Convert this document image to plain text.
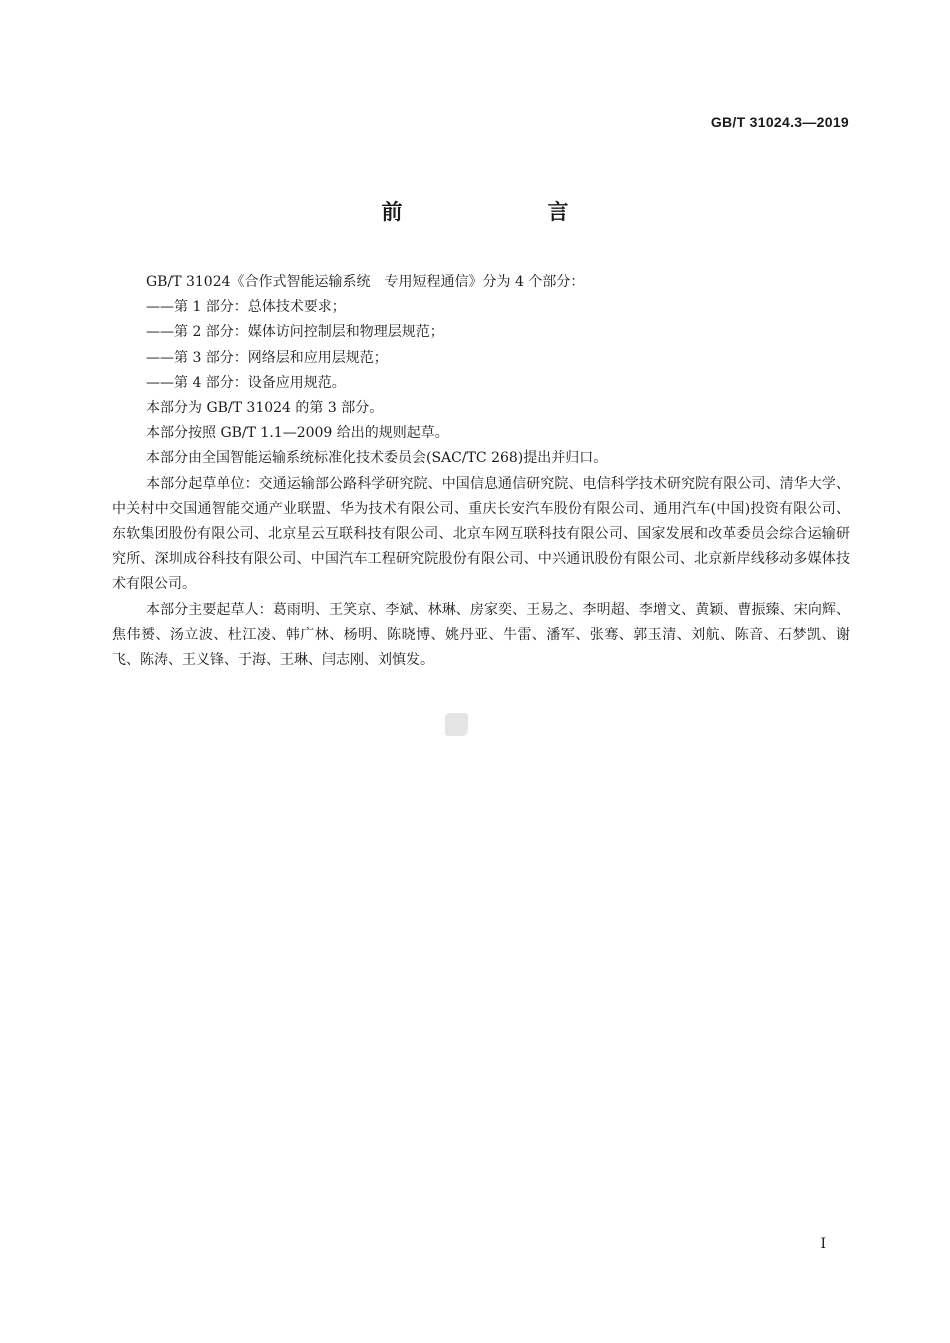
GB/T 31024.3—2019
前　言

GB/T 31024《合作式智能运输系统　专用短程通信》分为 4 个部分：

——第 1 部分：总体技术要求；

——第 2 部分：媒体访问控制层和物理层规范；

——第 3 部分：网络层和应用层规范；

——第 4 部分：设备应用规范。

本部分为 GB/T 31024 的第 3 部分。

本部分按照 GB/T 1.1—2009 给出的规则起草。

本部分由全国智能运输系统标准化技术委员会(SAC/TC 268)提出并归口。

本部分起草单位：交通运输部公路科学研究院、中国信息通信研究院、电信科学技术研究院有限公司、清华大学、中关村中交国通智能交通产业联盟、华为技术有限公司、重庆长安汽车股份有限公司、通用汽车(中国)投资有限公司、东软集团股份有限公司、北京星云互联科技有限公司、北京车网互联科技有限公司、国家发展和改革委员会综合运输研究所、深圳成谷科技有限公司、中国汽车工程研究院股份有限公司、中兴通讯股份有限公司、北京新岸线移动多媒体技术有限公司。

本部分主要起草人：葛雨明、王笑京、李斌、林琳、房家奕、王易之、李明超、李增文、黄颖、曹振臻、宋向辉、焦伟赟、汤立波、杜江凌、韩广林、杨明、陈晓博、姚丹亚、牛雷、潘军、张骞、郭玉清、刘航、陈音、石梦凯、谢飞、陈涛、王义锋、于海、王琳、闫志刚、刘慎发。

I
